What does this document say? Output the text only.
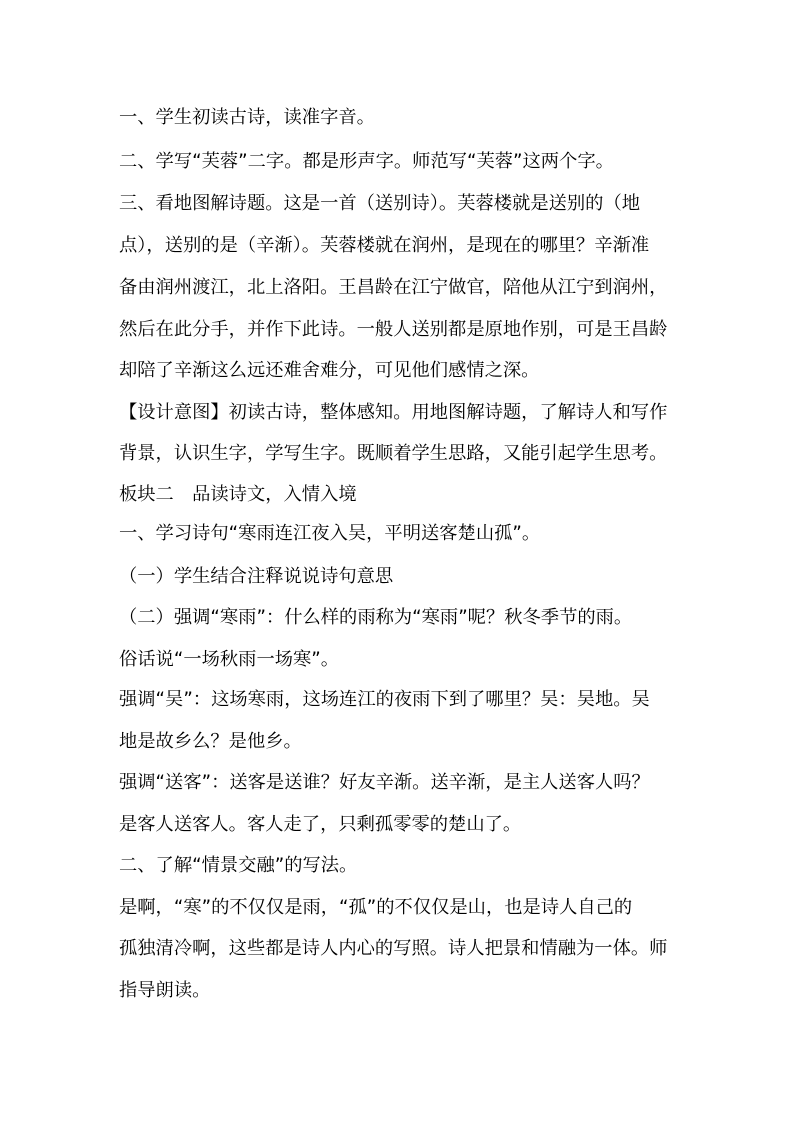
一、学生初读古诗，读准字音。
二、学写“芙蓉”二字。都是形声字。师范写“芙蓉”这两个字。
三、看地图解诗题。这是一首（送别诗）。芙蓉楼就是送别的（地
点），送别的是（辛渐）。芙蓉楼就在润州，是现在的哪里？辛渐准
备由润州渡江，北上洛阳。王昌龄在江宁做官，陪他从江宁到润州，
然后在此分手，并作下此诗。一般人送别都是原地作别，可是王昌龄
却陪了辛渐这么远还难舍难分，可见他们感情之深。
【设计意图】初读古诗，整体感知。用地图解诗题，了解诗人和写作
背景，认识生字，学写生字。既顺着学生思路，又能引起学生思考。
板块二　品读诗文，入情入境
一、学习诗句“寒雨连江夜入吴，平明送客楚山孤”。
（一）学生结合注释说说诗句意思
（二）强调“寒雨”：什么样的雨称为“寒雨”呢？秋冬季节的雨。
俗话说“一场秋雨一场寒”。
强调“吴”：这场寒雨，这场连江的夜雨下到了哪里？吴：吴地。吴
地是故乡么？是他乡。
强调“送客”：送客是送谁？好友辛渐。送辛渐，是主人送客人吗？
是客人送客人。客人走了，只剩孤零零的楚山了。
二、了解“情景交融”的写法。
是啊，“寒”的不仅仅是雨，“孤”的不仅仅是山，也是诗人自己的
孤独清冷啊，这些都是诗人内心的写照。诗人把景和情融为一体。师
指导朗读。
